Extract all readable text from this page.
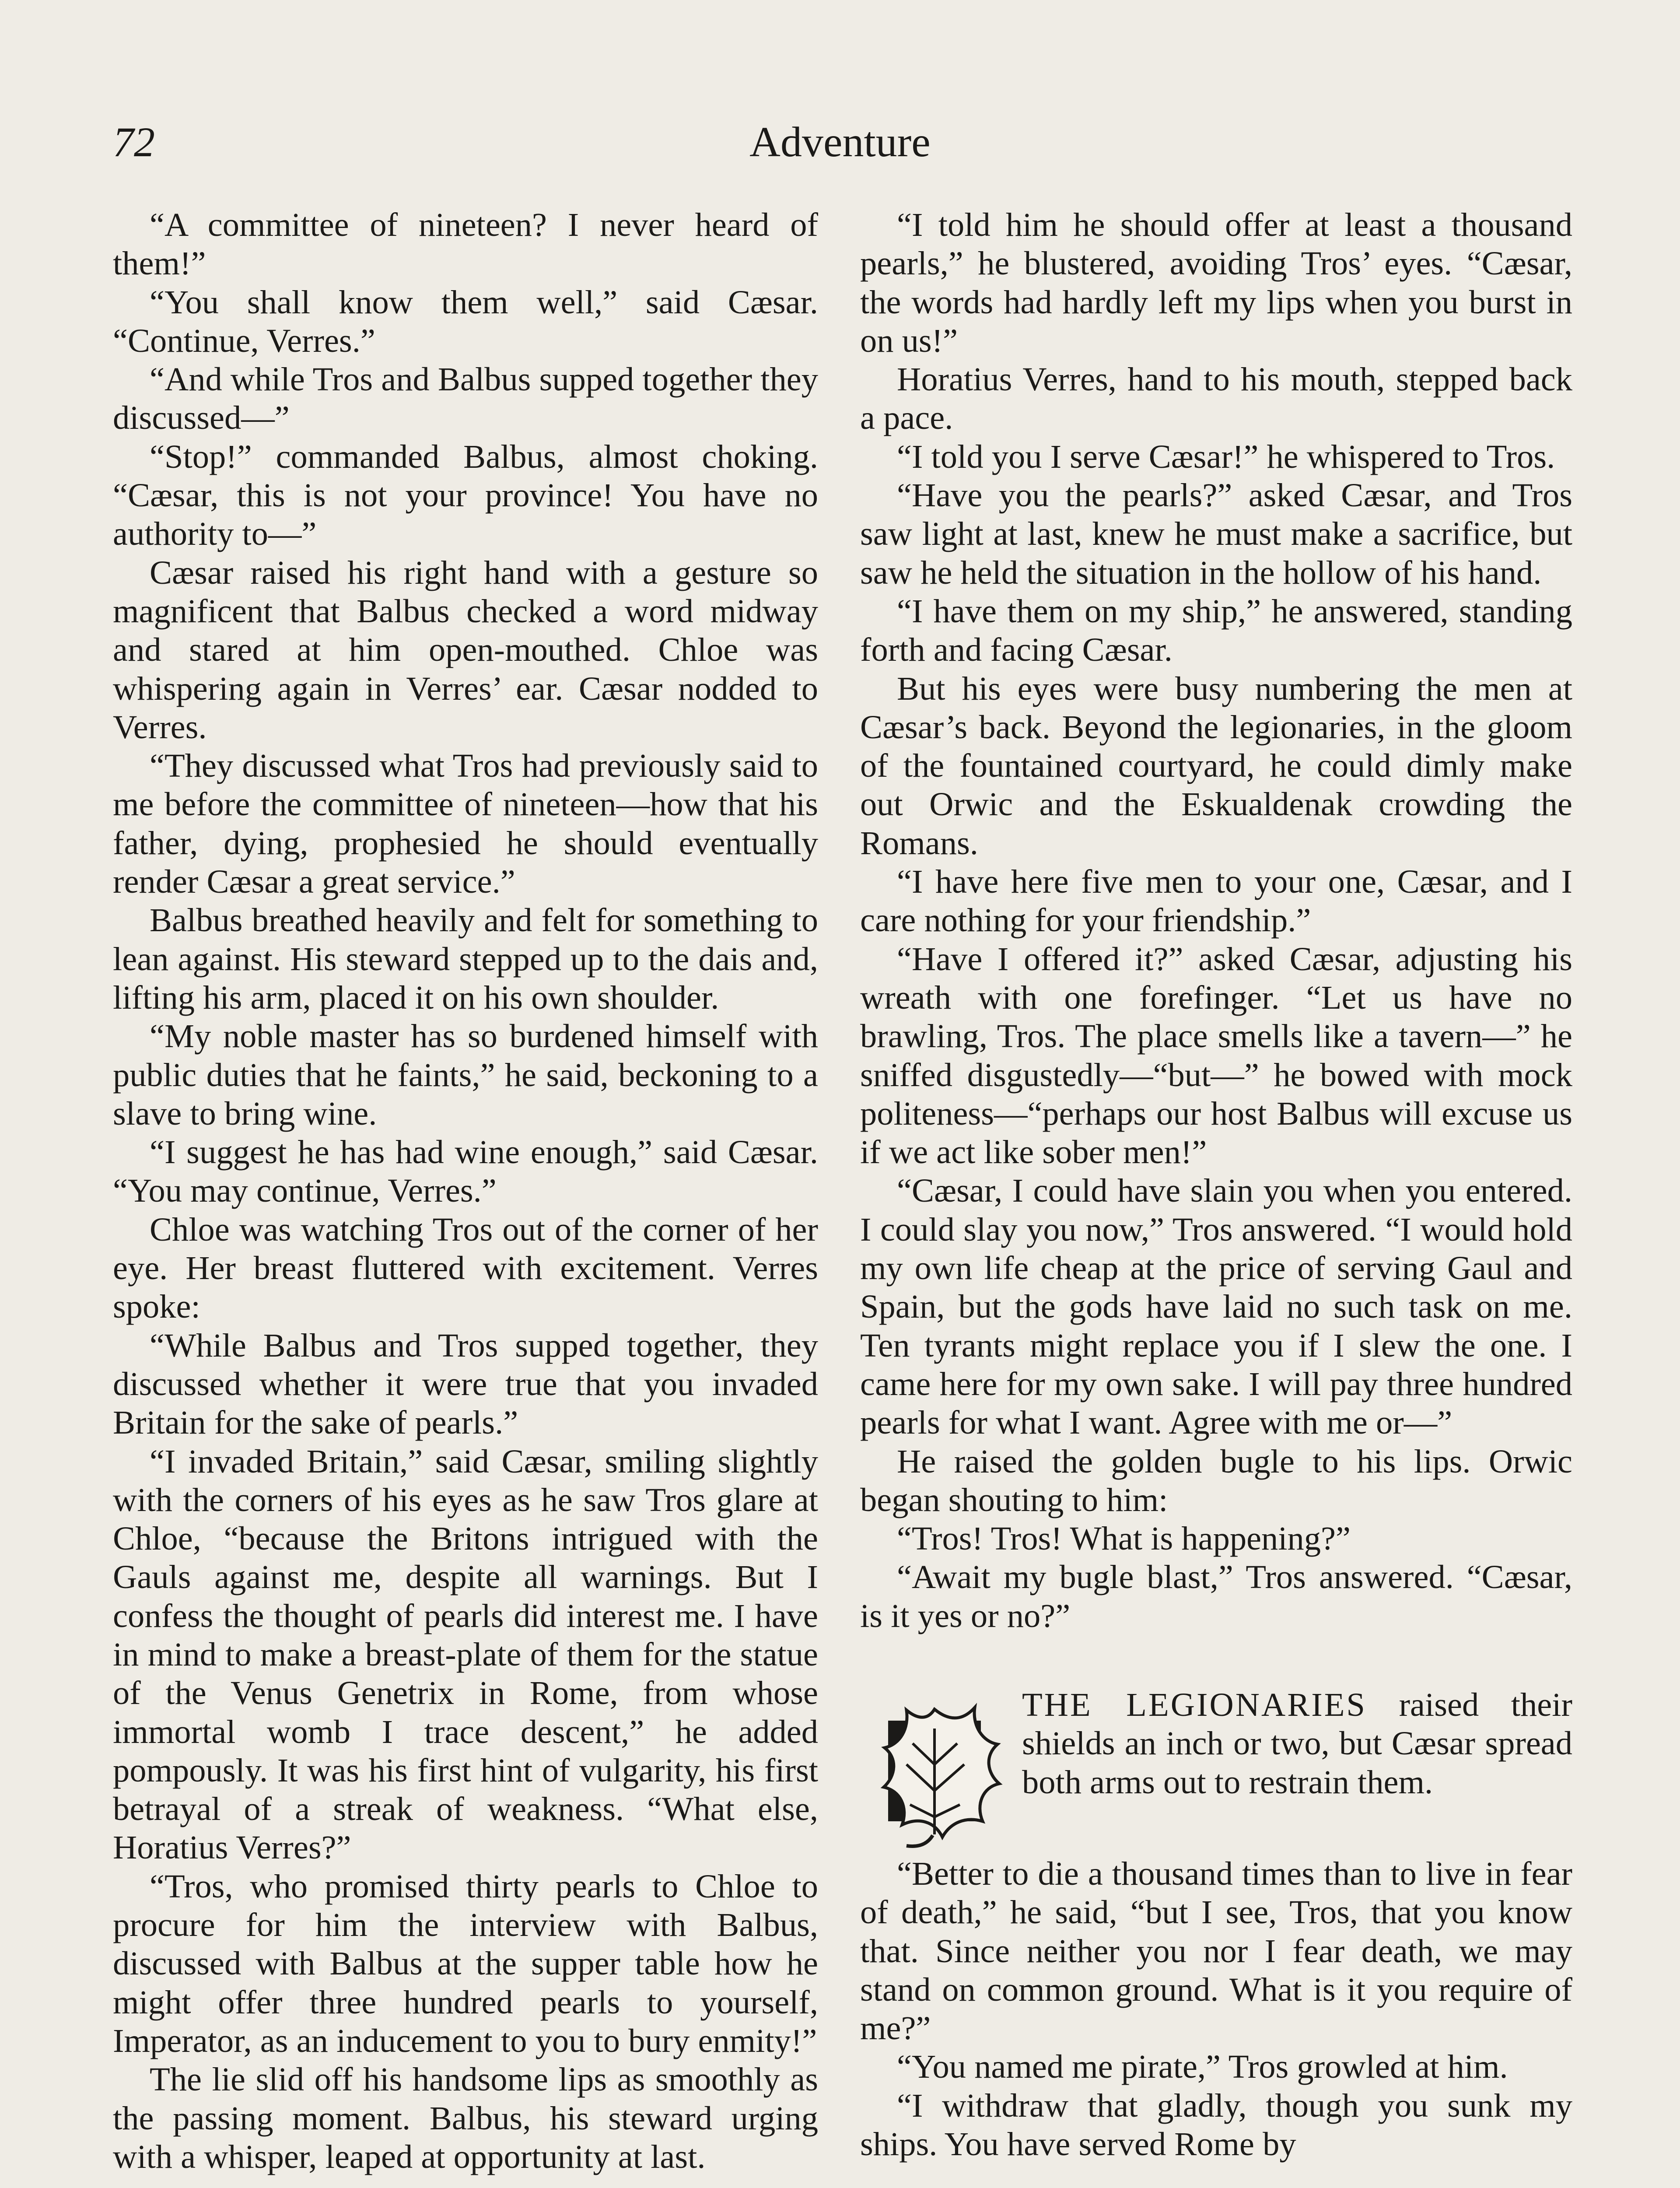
72	Adventure

“A committee of nineteen? I never heard of them!”

“You shall know them well,” said Cæsar. “Continue, Verres.”

“And while Tros and Balbus supped together they discussed—”

“Stop!” commanded Balbus, almost choking. “Cæsar, this is not your province! You have no authority to—”

Cæsar raised his right hand with a gesture so magnificent that Balbus checked a word midway and stared at him open-mouthed. Chloe was whispering again in Verres’ ear. Cæsar nodded to Verres.

“They discussed what Tros had previously said to me before the committee of nineteen—how that his father, dying, prophesied he should eventually render Cæsar a great service.”

Balbus breathed heavily and felt for something to lean against. His steward stepped up to the dais and, lifting his arm, placed it on his own shoulder.

“My noble master has so burdened himself with public duties that he faints,” he said, beckoning to a slave to bring wine.

“I suggest he has had wine enough,” said Cæsar. “You may continue, Verres.”

Chloe was watching Tros out of the corner of her eye. Her breast fluttered with excitement. Verres spoke:

“While Balbus and Tros supped together, they discussed whether it were true that you invaded Britain for the sake of pearls.”

“I invaded Britain,” said Cæsar, smiling slightly with the corners of his eyes as he saw Tros glare at Chloe, “because the Britons intrigued with the Gauls against me, despite all warnings. But I confess the thought of pearls did interest me. I have in mind to make a breast-plate of them for the statue of the Venus Genetrix in Rome, from whose immortal womb I trace descent,” he added pompously. It was his first hint of vulgarity, his first betrayal of a streak of weakness. “What else, Horatius Verres?”

“Tros, who promised thirty pearls to Chloe to procure for him the interview with Balbus, discussed with Balbus at the supper table how he might offer three hundred pearls to yourself, Imperator, as an inducement to you to bury enmity!”

The lie slid off his handsome lips as smoothly as the passing moment. Balbus, his steward urging with a whisper, leaped at opportunity at last.

“I told him he should offer at least a thousand pearls,” he blustered, avoiding Tros’ eyes. “Cæsar, the words had hardly left my lips when you burst in on us!”

Horatius Verres, hand to his mouth, stepped back a pace.

“I told you I serve Cæsar!” he whispered to Tros.

“Have you the pearls?” asked Cæsar, and Tros saw light at last, knew he must make a sacrifice, but saw he held the situation in the hollow of his hand.

“I have them on my ship,” he answered, standing forth and facing Cæsar.

But his eyes were busy numbering the men at Cæsar’s back. Beyond the legionaries, in the gloom of the fountained courtyard, he could dimly make out Orwic and the Eskualdenak crowding the Romans.

“I have here five men to your one, Cæsar, and I care nothing for your friendship.”

“Have I offered it?” asked Cæsar, adjusting his wreath with one forefinger. “Let us have no brawling, Tros. The place smells like a tavern—” he sniffed disgustedly—“but—” he bowed with mock politeness—“perhaps our host Balbus will excuse us if we act like sober men!”

“Cæsar, I could have slain you when you entered. I could slay you now,” Tros answered. “I would hold my own life cheap at the price of serving Gaul and Spain, but the gods have laid no such task on me. Ten tyrants might replace you if I slew the one. I came here for my own sake. I will pay three hundred pearls for what I want. Agree with me or—”

He raised the golden bugle to his lips. Orwic began shouting to him:

“Tros! Tros! What is happening?”

“Await my bugle blast,” Tros answered. “Cæsar, is it yes or no?”

THE LEGIONARIES raised their shields an inch or two, but Cæsar spread both arms out to restrain them.

“Better to die a thousand times than to live in fear of death,” he said, “but I see, Tros, that you know that. Since neither you nor I fear death, we may stand on common ground. What is it you require of me?”

“You named me pirate,” Tros growled at him.

“I withdraw that gladly, though you sunk my ships. You have served Rome by
